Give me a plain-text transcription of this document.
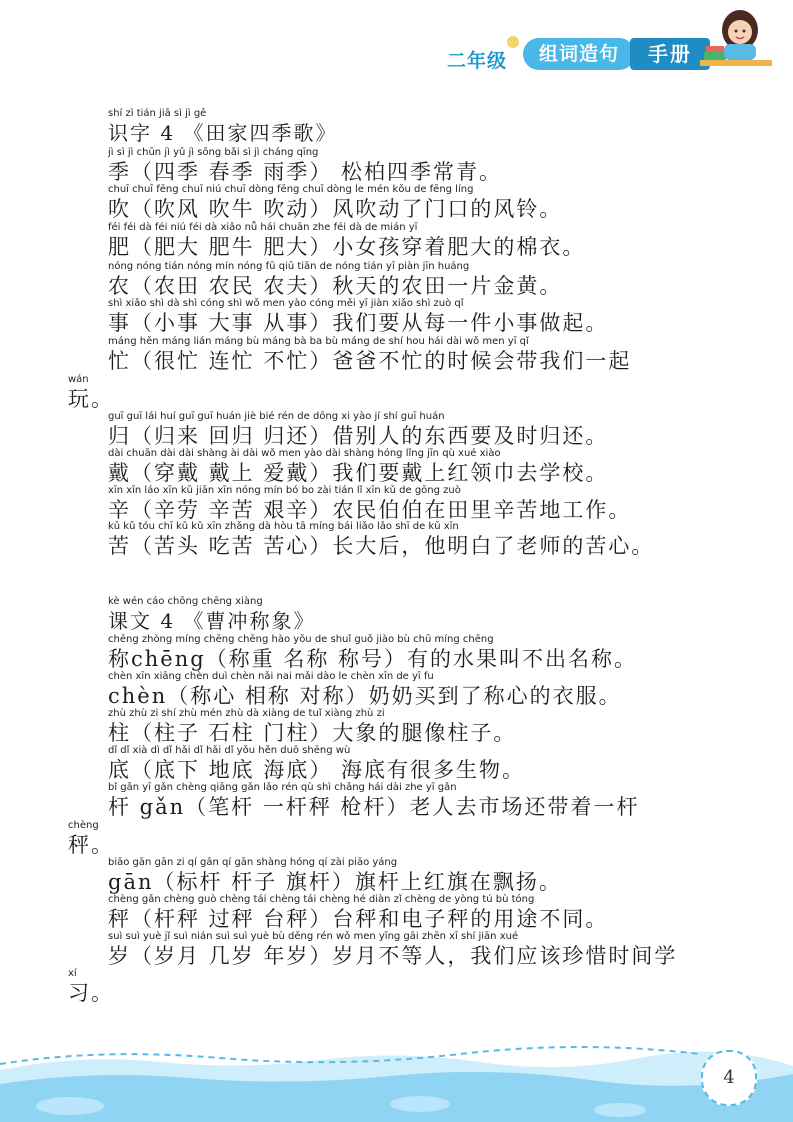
二年级	组词造句	手册
shí zì tián jiā sì jì gē
识字 4 《田家四季歌》
jì sì jì chūn jì yǔ jì sōng bǎi sì jì cháng qīng
季（四季 春季 雨季） 松柏四季常青。
chuī chuī fēng chuī niú chuī dòng fēng chuī dòng le mén kǒu de fēng líng
吹（吹风 吹牛 吹动）风吹动了门口的风铃。
féi féi dà féi niú féi dà xiǎo nǚ hái chuān zhe féi dà de mián yī
肥（肥大 肥牛 肥大）小女孩穿着肥大的棉衣。
nóng nóng tián nóng mín nóng fū qiū tiān de nóng tián yī piàn jīn huáng
农（农田 农民 农夫）秋天的农田一片金黄。
shì xiǎo shì dà shì cóng shì wǒ men yào cóng měi yī jiàn xiǎo shì zuò qǐ
事（小事 大事 从事）我们要从每一件小事做起。
máng hěn máng lián máng bù máng bà ba bù máng de shí hou hái dài wǒ men yī qǐ
忙（很忙 连忙 不忙）爸爸不忙的时候会带我们一起
wán
玩。
guī guī lái huí guī guī huán jiè bié rén de dōng xi yào jí shí guī huán
归（归来 回归 归还）借别人的东西要及时归还。
dài chuān dài dài shàng ài dài wǒ men yào dài shàng hóng lǐng jīn qù xué xiào
戴（穿戴 戴上 爱戴）我们要戴上红领巾去学校。
xīn xīn láo xīn kǔ jiān xīn nóng mín bó bo zài tián lǐ xīn kǔ de gōng zuò
辛（辛劳 辛苦 艰辛）农民伯伯在田里辛苦地工作。
kǔ kǔ tóu chī kǔ kǔ xīn zhǎng dà hòu tā míng bái liǎo lǎo shī de kǔ xīn
苦（苦头 吃苦 苦心）长大后，他明白了老师的苦心。
kè wén cáo chōng chēng xiàng
课文 4 《曹冲称象》
chēng zhòng míng chēng chēng hào yǒu de shuǐ guǒ jiào bù chū míng chēng
称chēng（称重 名称 称号）有的水果叫不出名称。
chèn xīn xiāng chèn duì chèn nǎi nai mǎi dào le chèn xīn de yī fu
chèn（称心 相称 对称）奶奶买到了称心的衣服。
zhù zhù zi shí zhù mén zhù dà xiàng de tuǐ xiàng zhù zi
柱（柱子 石柱 门柱）大象的腿像柱子。
dǐ dǐ xià dì dǐ hǎi dǐ hǎi dǐ yǒu hěn duō shēng wù
底（底下 地底 海底） 海底有很多生物。
bǐ gǎn yī gǎn chèng qiāng gǎn lǎo rén qù shì chǎng hái dài zhe yī gǎn
杆 gǎn（笔杆 一杆秤 枪杆）老人去市场还带着一杆
chèng
秤。
biāo gān gān zi qí gān qí gān shàng hóng qí zài piāo yáng
gān（标杆 杆子 旗杆）旗杆上红旗在飘扬。
chèng gǎn chèng guò chèng tái chèng tái chèng hé diàn zǐ chèng de yòng tú bù tóng
秤（杆秤 过秤 台秤）台秤和电子秤的用途不同。
suì suì yuè jǐ suì nián suì suì yuè bù děng rén wǒ men yīng gāi zhēn xī shí jiān xué
岁（岁月 几岁 年岁）岁月不等人，我们应该珍惜时间学
xí
习。
4
